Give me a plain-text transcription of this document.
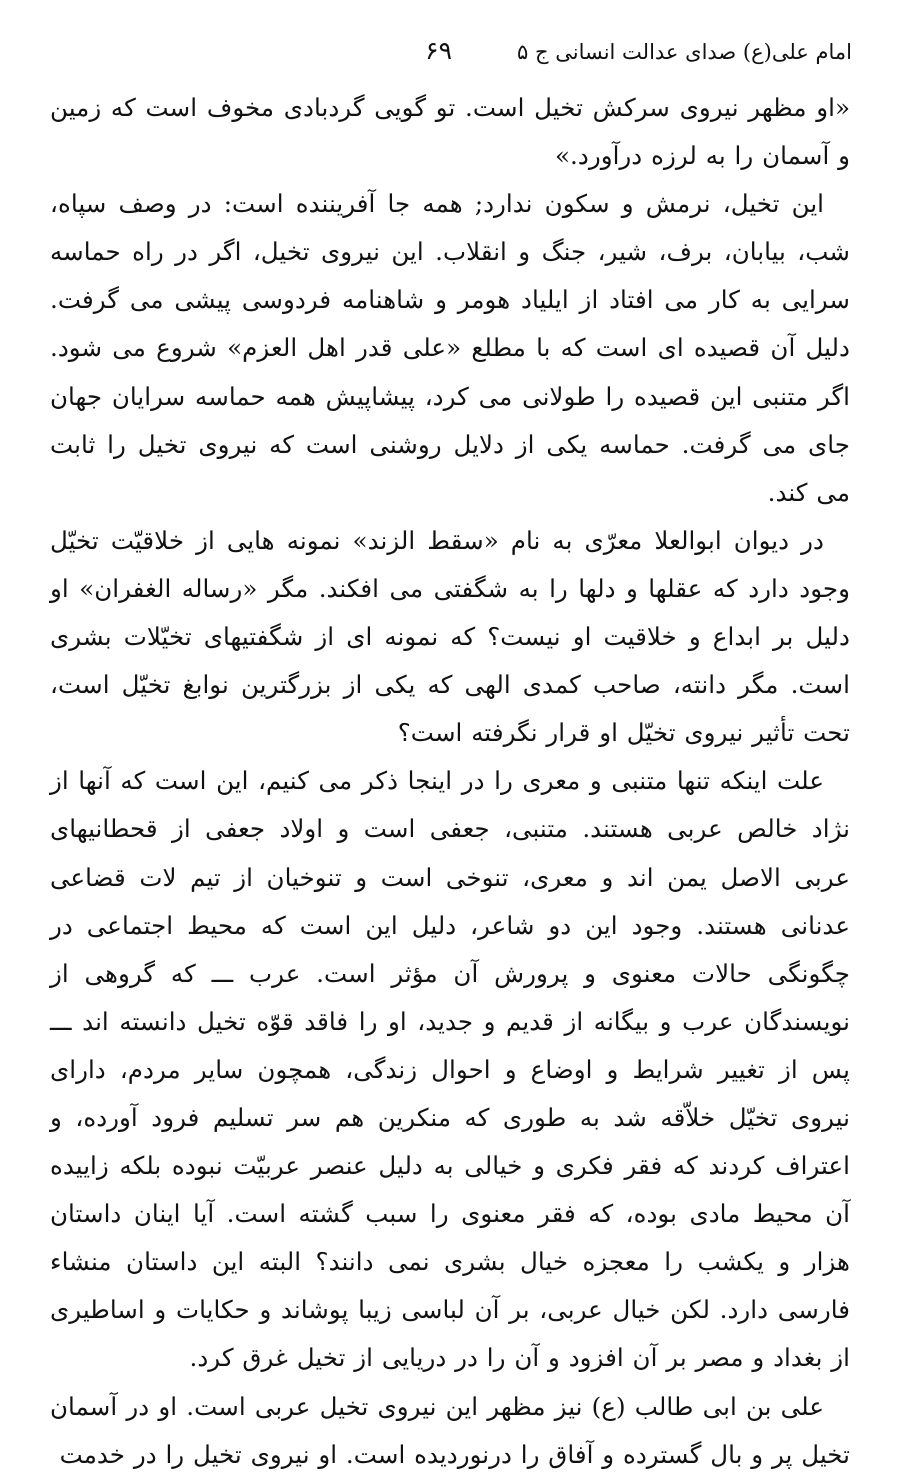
امام علی(ع) صدای عدالت انسانی ج ۵
۶۹

«او مظهر نیروی سرکش تخیل است. تو گویی گردبادی مخوف است که زمین و آسمان را به لرزه درآورد.»

این تخیل، نرمش و سکون ندارد; همه جا آفریننده است: در وصف سپاه، شب، بیابان، برف، شیر، جنگ و انقلاب. این نیروی تخیل، اگر در راه حماسه سرایی به کار می افتاد از ایلیاد هومر و شاهنامه فردوسی پیشی می گرفت. دلیل آن قصیده ای است که با مطلع «علی قدر اهل العزم» شروع می شود. اگر متنبی این قصیده را طولانی می کرد، پیشاپیش همه حماسه سرایان جهان جای می گرفت. حماسه یکی از دلایل روشنی است که نیروی تخیل را ثابت می کند.

در دیوان ابوالعلا معرّی به نام «سقط الزند» نمونه هایی از خلاقیّت تخیّل وجود دارد که عقلها و دلها را به شگفتی می افکند. مگر «رساله الغفران» او دلیل بر ابداع و خلاقیت او نیست؟ که نمونه ای از شگفتیهای تخیّلات بشری است. مگر دانته، صاحب کمدی الهی که یکی از بزرگترین نوابغ تخیّل است، تحت تأثیر نیروی تخیّل او قرار نگرفته است؟

علت اینکه تنها متنبی و معری را در اینجا ذکر می کنیم، این است که آنها از نژاد خالص عربی هستند. متنبی، جعفی است و اولاد جعفی از قحطانیهای عربی الاصل یمن اند و معری، تنوخی است و تنوخیان از تیم لات قضاعی عدنانی هستند. وجود این دو شاعر، دلیل این است که محیط اجتماعی در چگونگی حالات معنوی و پرورش آن مؤثر است. عرب ـــ که گروهی از نویسندگان عرب و بیگانه از قدیم و جدید، او را فاقد قوّه تخیل دانسته اند ـــ پس از تغییر شرایط و اوضاع و احوال زندگی، همچون سایر مردم، دارای نیروی تخیّل خلاّقه شد به طوری که منکرین هم سر تسلیم فرود آورده، و اعتراف کردند که فقر فکری و خیالی به دلیل عنصر عربیّت نبوده بلکه زاییده آن محیط مادی بوده، که فقر معنوی را سبب گشته است. آیا اینان داستان هزار و یکشب را معجزه خیال بشری نمی دانند؟ البته این داستان منشاء فارسی دارد. لکن خیال عربی، بر آن لباسی زیبا پوشاند و حکایات و اساطیری از بغداد و مصر بر آن افزود و آن را در دریایی از تخیل غرق کرد.

علی بن ابی طالب (ع) نیز مظهر این نیروی تخیل عربی است. او در آسمان تخیل پر و بال گسترده و آفاق را درنوردیده است. او نیروی تخیل را در خدمت
